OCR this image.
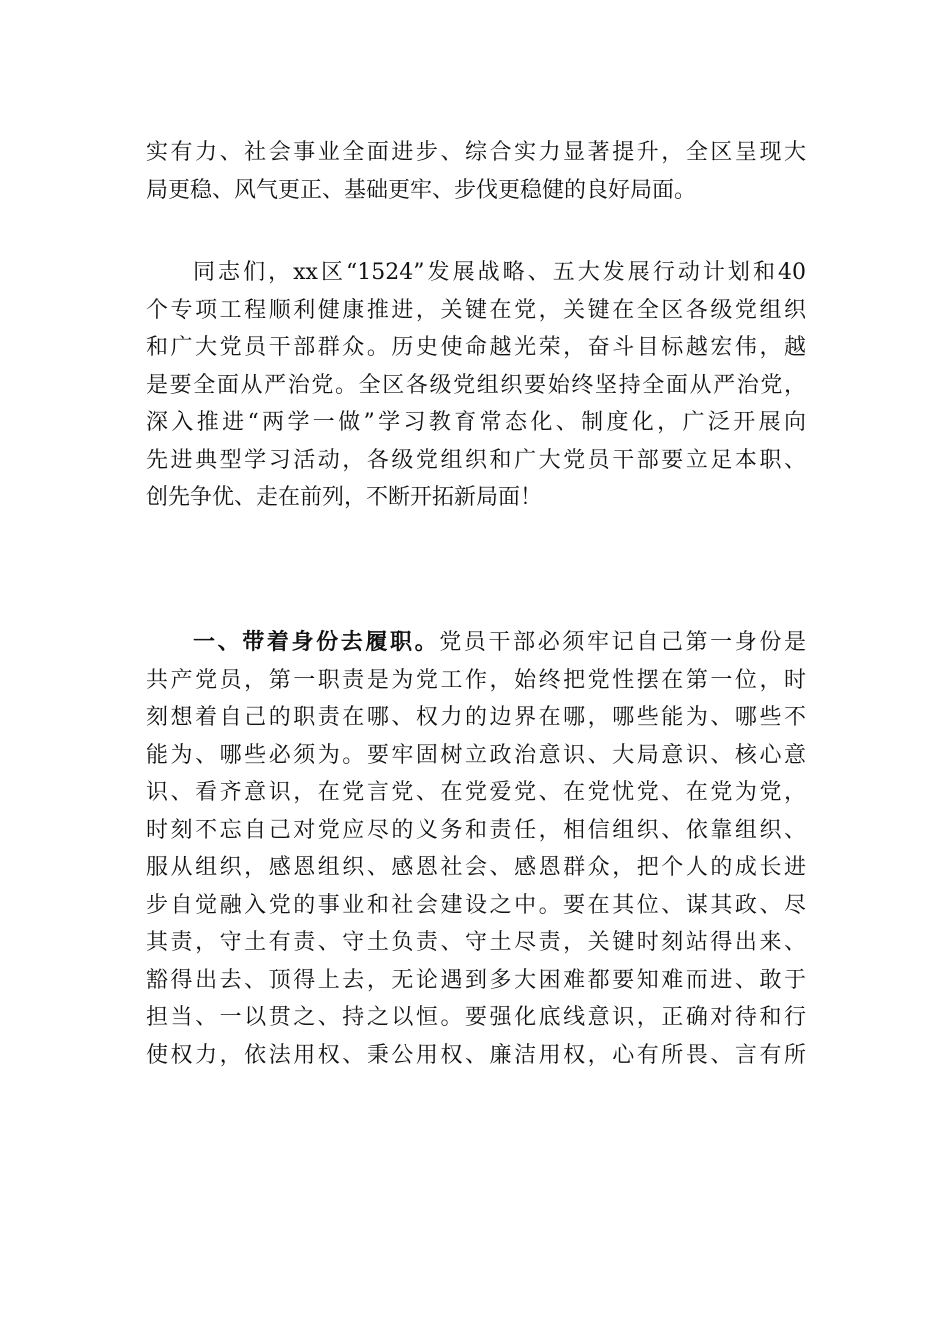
实有力、社会事业全面进步、综合实力显著提升，全区呈现大
局更稳、风气更正、基础更牢、步伐更稳健的良好局面。
同志们，xx区“1524”发展战略、五大发展行动计划和40
个专项工程顺利健康推进，关键在党，关键在全区各级党组织
和广大党员干部群众。历史使命越光荣，奋斗目标越宏伟，越
是要全面从严治党。全区各级党组织要始终坚持全面从严治党，
深入推进“两学一做”学习教育常态化、制度化，广泛开展向
先进典型学习活动，各级党组织和广大党员干部要立足本职、
创先争优、走在前列，不断开拓新局面！
一、带着身份去履职。党员干部必须牢记自己第一身份是
共产党员，第一职责是为党工作，始终把党性摆在第一位，时
刻想着自己的职责在哪、权力的边界在哪，哪些能为、哪些不
能为、哪些必须为。要牢固树立政治意识、大局意识、核心意
识、看齐意识，在党言党、在党爱党、在党忧党、在党为党，
时刻不忘自己对党应尽的义务和责任，相信组织、依靠组织、
服从组织，感恩组织、感恩社会、感恩群众，把个人的成长进
步自觉融入党的事业和社会建设之中。要在其位、谋其政、尽
其责，守土有责、守土负责、守土尽责，关键时刻站得出来、
豁得出去、顶得上去，无论遇到多大困难都要知难而进、敢于
担当、一以贯之、持之以恒。要强化底线意识，正确对待和行
使权力，依法用权、秉公用权、廉洁用权，心有所畏、言有所
